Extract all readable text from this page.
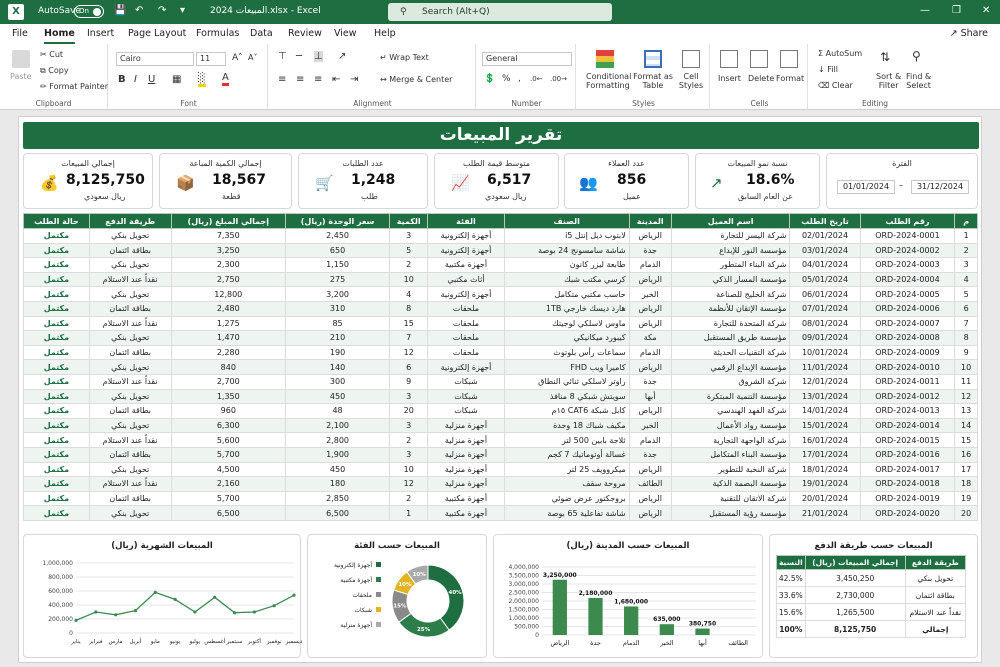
X	AutoSave
On	💾 ↶ ↷ ▾	المبيعات 2024.xlsx - Excel	⚲ Search (Alt+Q)	— ❐ ✕
File Home Insert Page Layout Formulas Data Review View Help	↗ Share
Paste
✂ Cut
⧉ Copy
✏ Format Painter
Clipboard
Cairo	11	A˄ A˅
B I U ▦ ░ A
Font
⊤ ─ ⊥ ↗	↵ Wrap Text
≡ ≡ ≡ ⇤ ⇥	↔ Merge & Center
Alignment
General
💲 % , .0← .00→
Number
Conditional
Formatting
Format as
Table
Cell
Styles
Styles
Insert Delete Format
Cells
Σ AutoSum
↓ Fill
⌫ Clear
⇅
Sort &
Filter
⚲
Find &
Select
Editing
تقرير المبيعات
إجمالي المبيعات
💰 8,125,750
ريال سعودي
إجمالي الكمية المباعة
📦 18,567
قطعة
عدد الطلبات
🛒 1,248
طلب
متوسط قيمة الطلب
📈 6,517
ريال سعودي
عدد العملاء
👥 856
عميل
نسبة نمو المبيعات
↗ 18.6%
عن العام السابق
الفترة
01/01/2024	–	31/12/2024
م	رقم الطلب	تاريخ الطلب	اسم العميل	المدينة	الصنف	الفئة	الكمية	سعر الوحدة (ريال)	إجمالي المبلغ (ريال)	طريقة الدفع	حالة الطلب
1	ORD-2024-0001	02/01/2024	شركة اليسر للتجارة	الرياض	لابتوب ديل إنتل i5	أجهزة إلكترونية	3	2,450	7,350	تحويل بنكي	مكتمل
2	ORD-2024-0002	03/01/2024	مؤسسة النور للإبداع	جدة	شاشة سامسونج 24 بوصة	أجهزة إلكترونية	5	650	3,250	بطاقة ائتمان	مكتمل
3	ORD-2024-0003	04/01/2024	شركة البناء المتطور	الدمام	طابعة ليزر كانون	أجهزة مكتبية	2	1,150	2,300	تحويل بنكي	مكتمل
4	ORD-2024-0004	05/01/2024	مؤسسة المسار الذكي	الرياض	كرسي مكتب شبك	أثاث مكتبي	10	275	2,750	نقداً عند الاستلام	مكتمل
5	ORD-2024-0005	06/01/2024	شركة الخليج للصناعة	الخبر	حاسب مكتبي متكامل	أجهزة إلكترونية	4	3,200	12,800	تحويل بنكي	مكتمل
6	ORD-2024-0006	07/01/2024	مؤسسة الإتقان للأنظمة	الرياض	هارد ديسك خارجي 1TB	ملحقات	8	310	2,480	بطاقة ائتمان	مكتمل
7	ORD-2024-0007	08/01/2024	شركة المتحدة للتجارة	الرياض	ماوس لاسلكي لوجيتك	ملحقات	15	85	1,275	نقداً عند الاستلام	مكتمل
8	ORD-2024-0008	09/01/2024	مؤسسة طريق المستقبل	مكة	كيبورد ميكانيكي	ملحقات	7	210	1,470	تحويل بنكي	مكتمل
9	ORD-2024-0009	10/01/2024	شركة التقنيات الحديثة	الدمام	سماعات رأس بلوتوث	ملحقات	12	190	2,280	بطاقة ائتمان	مكتمل
10	ORD-2024-0010	11/01/2024	مؤسسة الإبداع الرقمي	الرياض	كاميرا ويب FHD	أجهزة إلكترونية	6	140	840	تحويل بنكي	مكتمل
11	ORD-2024-0011	12/01/2024	شركة الشروق	جدة	راوتر لاسلكي ثنائي النطاق	شبكات	9	300	2,700	نقداً عند الاستلام	مكتمل
12	ORD-2024-0012	13/01/2024	مؤسسة التنمية المبتكرة	أبها	سويتش شبكي 8 منافذ	شبكات	3	450	1,350	تحويل بنكي	مكتمل
13	ORD-2024-0013	14/01/2024	شركة الفهد الهندسي	الرياض	كابل شبكة CAT6 ١٥م	شبكات	20	48	960	بطاقة ائتمان	مكتمل
14	ORD-2024-0014	15/01/2024	مؤسسة رواد الأعمال	الخبر	مكيف شباك 18 وحدة	أجهزة منزلية	3	2,100	6,300	تحويل بنكي	مكتمل
15	ORD-2024-0015	16/01/2024	شركة الواجهة التجارية	الدمام	ثلاجة بابين 500 لتر	أجهزة منزلية	2	2,800	5,600	نقداً عند الاستلام	مكتمل
16	ORD-2024-0016	17/01/2024	مؤسسة البناء المتكامل	جدة	غسالة أوتوماتيك 7 كجم	أجهزة منزلية	3	1,900	5,700	بطاقة ائتمان	مكتمل
17	ORD-2024-0017	18/01/2024	شركة النخبة للتطوير	الرياض	ميكروويف 25 لتر	أجهزة منزلية	10	450	4,500	تحويل بنكي	مكتمل
18	ORD-2024-0018	19/01/2024	مؤسسة البصمة الذكية	الطائف	مروحة سقف	أجهزة منزلية	12	180	2,160	نقداً عند الاستلام	مكتمل
19	ORD-2024-0019	20/01/2024	شركة الاتقان للتقنية	الرياض	بروجكتور عرض ضوئي	أجهزة مكتبية	2	2,850	5,700	بطاقة ائتمان	مكتمل
20	ORD-2024-0020	21/01/2024	مؤسسة رؤية المستقبل	الرياض	شاشة تفاعلية 65 بوصة	أجهزة مكتبية	1	6,500	6,500	تحويل بنكي	مكتمل
المبيعات الشهرية (ريال)
0
200,000
400,000
600,000
800,000
1,000,000
يناير فبراير مارس أبريل مايو يونيو يوليو أغسطس سبتمبر أكتوبر نوفمبر ديسمبر
المبيعات حسب الفئة
40%
25%
15%
10%
10%
أجهزة إلكترونية
أجهزة مكتبية
ملحقات
شبكات
أجهزة منزلية
المبيعات حسب المدينة (ريال)
0
500,000
1,000,000
1,500,000
2,000,000
2,500,000
3,000,000
3,500,000
4,000,000
3,250,000
الرياض
2,180,000
جدة
1,680,000
الدمام
635,000
الخبر
380,750
أبها	الطائف
المبيعات حسب طريقة الدفع
طريقة الدفع	إجمالي المبيعات (ريال)	النسبة
تحويل بنكي	3,450,250	42.5%
بطاقة ائتمان	2,730,000	33.6%
نقداً عند الاستلام	1,265,500	15.6%
إجمالي	8,125,750	100%
